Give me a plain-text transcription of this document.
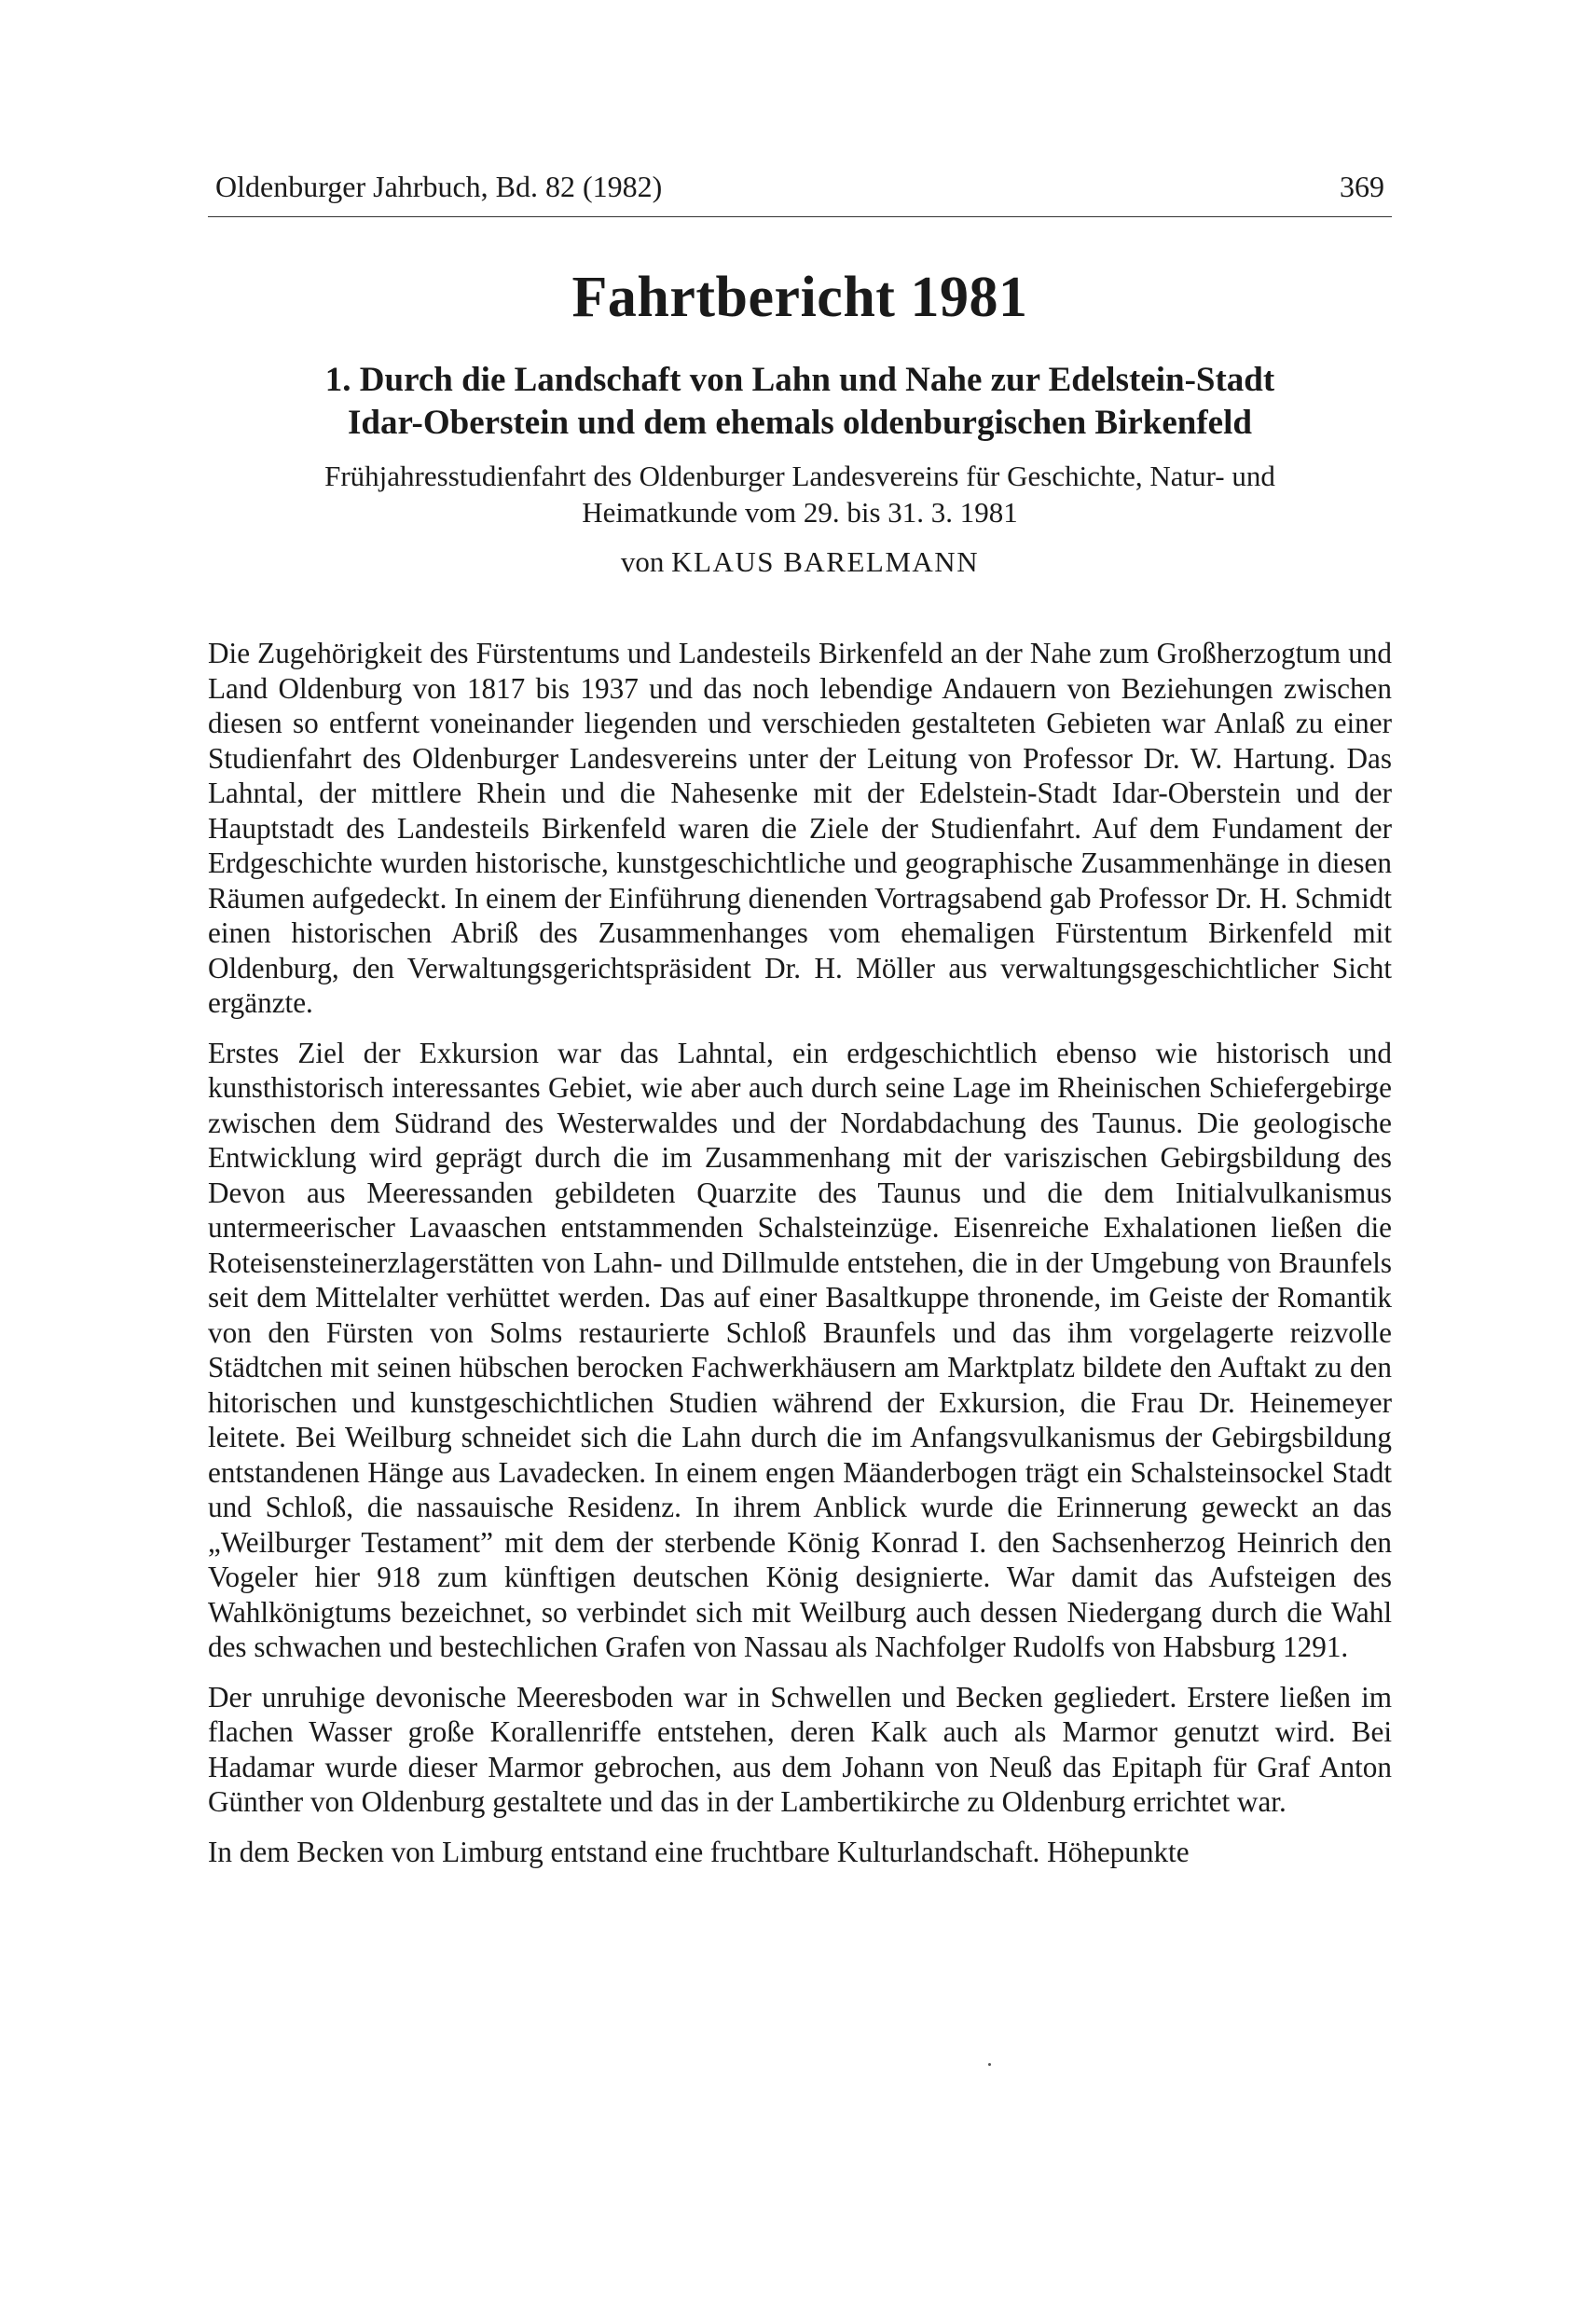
Oldenburger Jahrbuch, Bd. 82 (1982)	369
Fahrtbericht 1981

1. Durch die Landschaft von Lahn und Nahe zur Edelstein-Stadt

Idar-Oberstein und dem ehemals oldenburgischen Birkenfeld

Frühjahresstudienfahrt des Oldenburger Landesvereins für Geschichte, Natur- und
Heimatkunde vom 29. bis 31. 3. 1981

von KLAUS BARELMANN

Die Zugehörigkeit des Fürstentums und Landesteils Birkenfeld an der Nahe zum Großherzogtum und Land Oldenburg von 1817 bis 1937 und das noch lebendige Andauern von Beziehungen zwischen diesen so entfernt voneinander liegenden und verschieden gestalteten Gebieten war Anlaß zu einer Studienfahrt des Oldenburger Landesvereins unter der Leitung von Professor Dr. W. Hartung. Das Lahntal, der mittlere Rhein und die Nahesenke mit der Edelstein-Stadt Idar-Oberstein und der Hauptstadt des Landesteils Birkenfeld waren die Ziele der Studienfahrt. Auf dem Fundament der Erdgeschichte wurden historische, kunstgeschichtliche und geographische Zusammenhänge in diesen Räumen aufgedeckt. In einem der Einführung dienenden Vortragsabend gab Professor Dr. H. Schmidt einen historischen Abriß des Zusammenhanges vom ehemaligen Fürstentum Birkenfeld mit Oldenburg, den Verwaltungsgerichtspräsident Dr. H. Möller aus verwaltungsgeschichtlicher Sicht ergänzte.

Erstes Ziel der Exkursion war das Lahntal, ein erdgeschichtlich ebenso wie historisch und kunsthistorisch interessantes Gebiet, wie aber auch durch seine Lage im Rheinischen Schiefergebirge zwischen dem Südrand des Westerwaldes und der Nordabdachung des Taunus. Die geologische Entwicklung wird geprägt durch die im Zusammenhang mit der variszischen Gebirgsbildung des Devon aus Meeressanden gebildeten Quarzite des Taunus und die dem Initialvulkanismus untermeerischer Lavaaschen entstammenden Schalsteinzüge. Eisenreiche Exhalationen ließen die Roteisensteinerzlagerstätten von Lahn- und Dillmulde entstehen, die in der Umgebung von Braunfels seit dem Mittelalter verhüttet werden. Das auf einer Basaltkuppe thronende, im Geiste der Romantik von den Fürsten von Solms restaurierte Schloß Braunfels und das ihm vorgelagerte reizvolle Städtchen mit seinen hübschen berocken Fachwerkhäusern am Marktplatz bildete den Auftakt zu den hitorischen und kunstgeschichtlichen Studien während der Exkursion, die Frau Dr. Heinemeyer leitete. Bei Weilburg schneidet sich die Lahn durch die im Anfangsvulkanismus der Gebirgsbildung entstandenen Hänge aus Lavadecken. In einem engen Mäanderbogen trägt ein Schalsteinsockel Stadt und Schloß, die nassauische Residenz. In ihrem Anblick wurde die Erinnerung geweckt an das „Weilburger Testament” mit dem der sterbende König Konrad I. den Sachsenherzog Heinrich den Vogeler hier 918 zum künftigen deutschen König designierte. War damit das Aufsteigen des Wahlkönigtums bezeichnet, so verbindet sich mit Weilburg auch dessen Niedergang durch die Wahl des schwachen und bestechlichen Grafen von Nassau als Nachfolger Rudolfs von Habsburg 1291.

Der unruhige devonische Meeresboden war in Schwellen und Becken gegliedert. Erstere ließen im flachen Wasser große Korallenriffe entstehen, deren Kalk auch als Marmor genutzt wird. Bei Hadamar wurde dieser Marmor gebrochen, aus dem Johann von Neuß das Epitaph für Graf Anton Günther von Oldenburg gestaltete und das in der Lambertikirche zu Oldenburg errichtet war.

In dem Becken von Limburg entstand eine fruchtbare Kulturlandschaft. Höhepunkte
